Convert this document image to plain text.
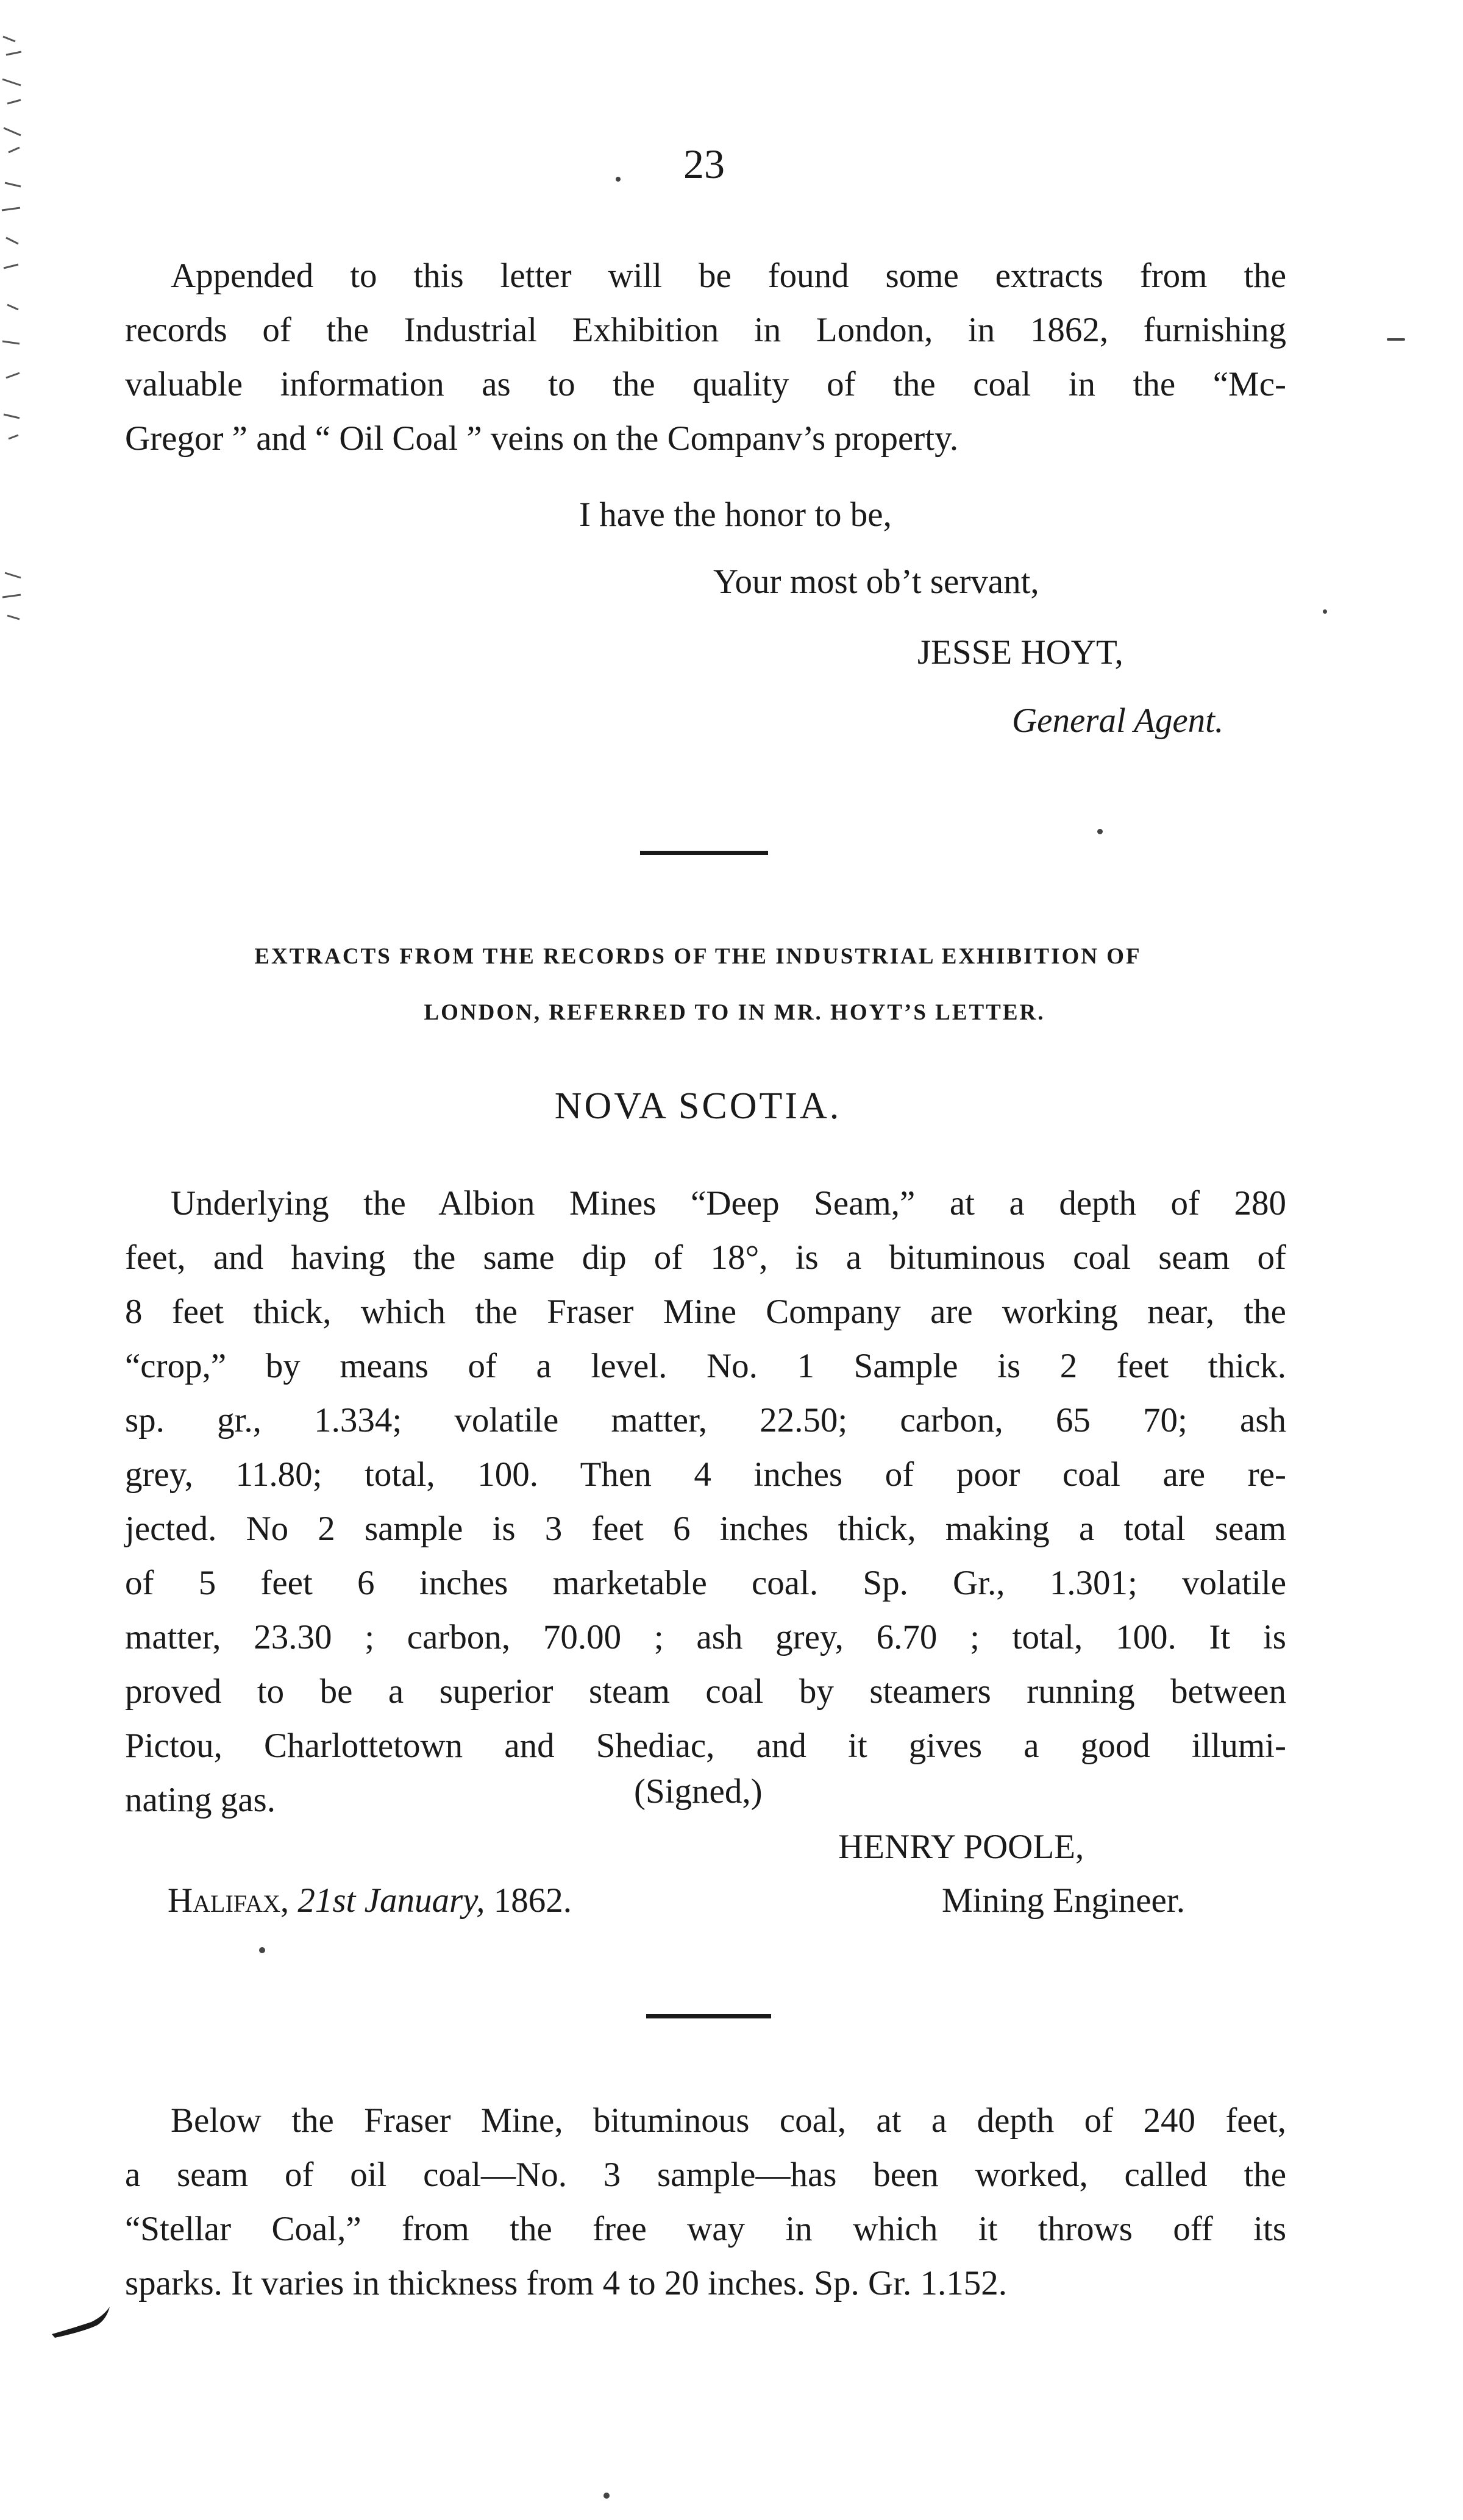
23
Appended to this letter will be found some extracts from the
records of the Industrial Exhibition in London, in 1862, furnishing
valuable information as to the quality of the coal in the “Mc-
Gregor ” and “ Oil Coal ” veins on the Companv’s property.
I have the honor to be,
Your most ob’t servant,
JESSE HOYT,
General Agent.
EXTRACTS FROM THE RECORDS OF THE INDUSTRIAL EXHIBITION OF
LONDON, REFERRED TO IN MR. HOYT’S LETTER.
NOVA SCOTIA.
Underlying the Albion Mines “Deep Seam,” at a depth of 280
feet, and having the same dip of 18°, is a bituminous coal seam of
8 feet thick, which the Fraser Mine Company are working near, the
“crop,” by means of a level. No. 1 Sample is 2 feet thick.
sp. gr., 1.334; volatile matter, 22.50; carbon, 65 70; ash
grey, 11.80; total, 100. Then 4 inches of poor coal are re-
jected. No 2 sample is 3 feet 6 inches thick, making a total seam
of 5 feet 6 inches marketable coal. Sp. Gr., 1.301; volatile
matter, 23.30 ; carbon, 70.00 ; ash grey, 6.70 ; total, 100. It is
proved to be a superior steam coal by steamers running between
Pictou, Charlottetown and Shediac, and it gives a good illumi-
nating gas.	(Signed,)
HENRY POOLE,
Mining Engineer.
Halifax, 21st January, 1862.
Below the Fraser Mine, bituminous coal, at a depth of 240 feet,
a seam of oil coal—No. 3 sample—has been worked, called the
“Stellar Coal,” from the free way in which it throws off its
sparks. It varies in thickness from 4 to 20 inches. Sp. Gr. 1.152.
